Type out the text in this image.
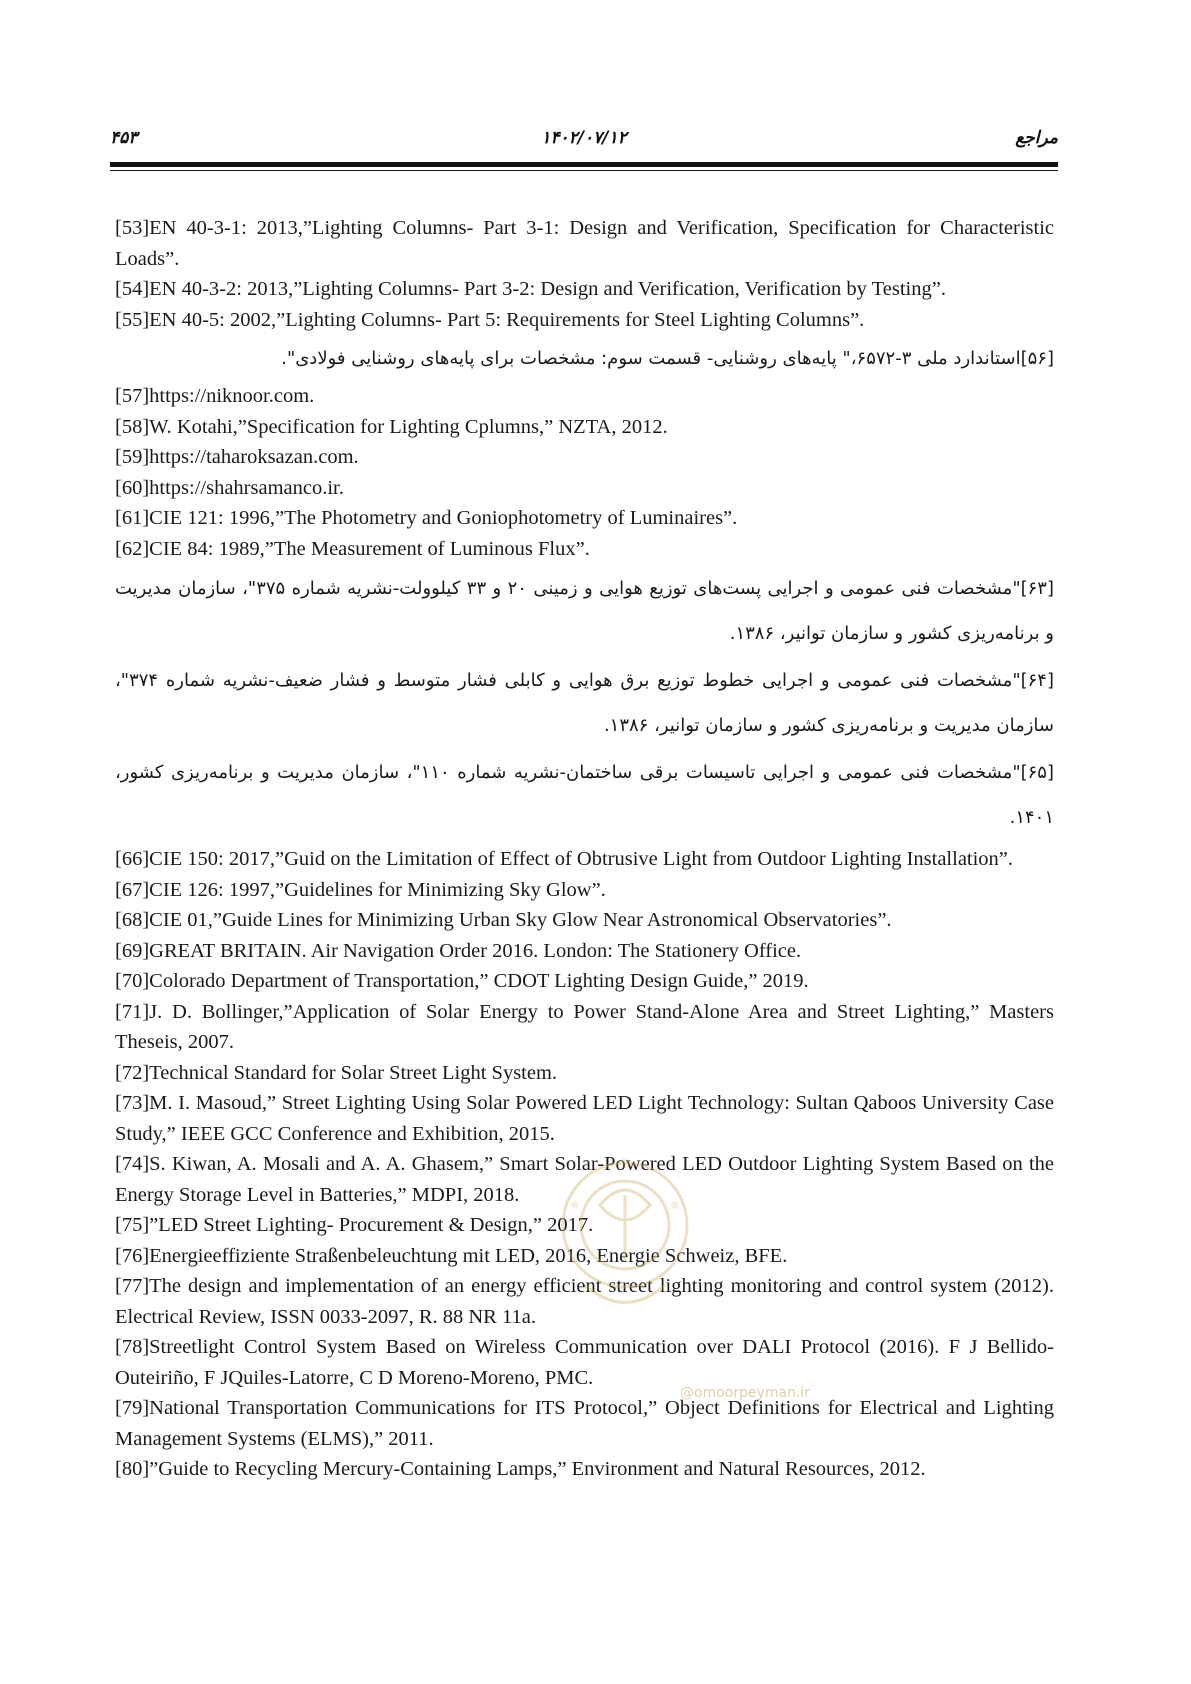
۴۵۳	۱۴۰۲/۰۷/۱۲	مراجع

[53]EN 40-3-1: 2013,”Lighting Columns- Part 3-1: Design and Verification, Specification for Characteristic Loads”.

[54]EN 40-3-2: 2013,”Lighting Columns- Part 3-2: Design and Verification, Verification by Testing”.

[55]EN 40-5: 2002,”Lighting Columns- Part 5: Requirements for Steel Lighting Columns”.

[۵۶]استاندارد ملی ۳-۶۵۷۲،" پایه‌های روشنایی- قسمت سوم: مشخصات برای پایه‌های روشنایی فولادی".

[57]https://niknoor.com.

[58]W. Kotahi,”Specification for Lighting Cplumns,” NZTA, 2012.

[59]https://taharoksazan.com.

[60]https://shahrsamanco.ir.

[61]CIE 121: 1996,”The Photometry and Goniophotometry of Luminaires”.

[62]CIE 84: 1989,”The Measurement of Luminous Flux”.

[۶۳]"مشخصات فنی عمومی و اجرایی پست‌های توزیع هوایی و زمینی ۲۰ و ۳۳ کیلوولت-نشریه شماره ۳۷۵"، سازمان مدیریت و برنامه‌ریزی کشور و سازمان توانیر، ۱۳۸۶.

[۶۴]"مشخصات فنی عمومی و اجرایی خطوط توزیع برق هوایی و کابلی فشار متوسط و فشار ضعیف-نشریه شماره ۳۷۴"، سازمان مدیریت و برنامه‌ریزی کشور و سازمان توانیر، ۱۳۸۶.

[۶۵]"مشخصات فنی عمومی و اجرایی تاسیسات برقی ساختمان-نشریه شماره ۱۱۰"، سازمان مدیریت و برنامه‌ریزی کشور، ۱۴۰۱.

[66]CIE 150: 2017,”Guid on the Limitation of Effect of Obtrusive Light from Outdoor Lighting Installation”.

[67]CIE 126: 1997,”Guidelines for Minimizing Sky Glow”.

[68]CIE 01,”Guide Lines for Minimizing Urban Sky Glow Near Astronomical Observatories”.

[69]GREAT BRITAIN. Air Navigation Order 2016. London: The Stationery Office.

[70]Colorado Department of Transportation,” CDOT Lighting Design Guide,” 2019.

[71]J. D. Bollinger,”Application of Solar Energy to Power Stand-Alone Area and Street Lighting,” Masters Theseis, 2007.

[72]Technical Standard for Solar Street Light System.

[73]M. I. Masoud,” Street Lighting Using Solar Powered LED Light Technology: Sultan Qaboos University Case Study,” IEEE GCC Conference and Exhibition, 2015.

[74]S. Kiwan, A. Mosali and A. A. Ghasem,” Smart Solar-Powered LED Outdoor Lighting System Based on the Energy Storage Level in Batteries,” MDPI, 2018.

[75]”LED Street Lighting- Procurement & Design,” 2017.

[76]Energieeffiziente Straßenbeleuchtung mit LED, 2016, Energie Schweiz, BFE.

[77]The design and implementation of an energy efficient street lighting monitoring and control system (2012). Electrical Review, ISSN 0033-2097, R. 88 NR 11a.

[78]Streetlight Control System Based on Wireless Communication over DALI Protocol (2016). F J Bellido-Outeiriño, F JQuiles-Latorre, C D Moreno-Moreno, PMC.

[79]National Transportation Communications for ITS Protocol,” Object Definitions for Electrical and Lighting Management Systems (ELMS),” 2011.

[80]”Guide to Recycling Mercury-Containing Lamps,” Environment and Natural Resources, 2012.

@omoorpeyman.ir
